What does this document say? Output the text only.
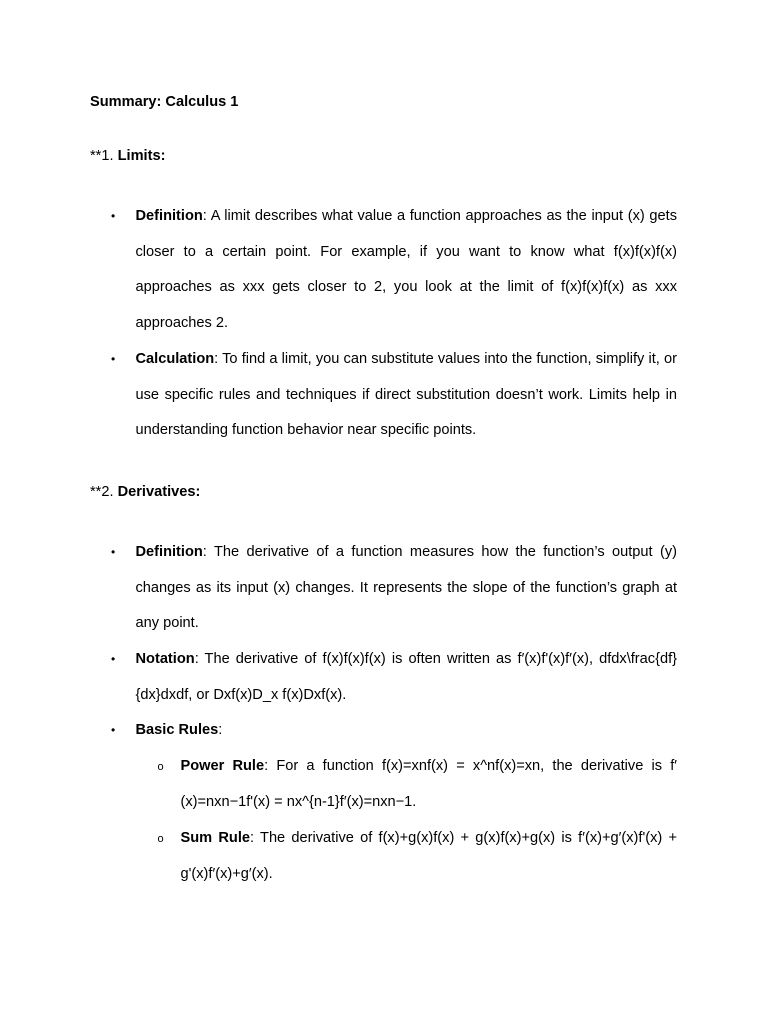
Summary: Calculus 1
**1. Limits:
• Definition: A limit describes what value a function approaches as the input (x) gets closer to a certain point. For example, if you want to know what f(x)f(x)f(x) approaches as xxx gets closer to 2, you look at the limit of f(x)f(x)f(x) as xxx approaches 2.
• Calculation: To find a limit, you can substitute values into the function, simplify it, or use specific rules and techniques if direct substitution doesn’t work. Limits help in understanding function behavior near specific points.
**2. Derivatives:
• Definition: The derivative of a function measures how the function’s output (y) changes as its input (x) changes. It represents the slope of the function’s graph at any point.
• Notation: The derivative of f(x)f(x)f(x) is often written as f′(x)f'(x)f′(x), dfdx\frac{df}{dx}dxdf, or Dxf(x)D_x f(x)Dxf(x).
• Basic Rules:
o Power Rule: For a function f(x)=xnf(x) = x^nf(x)=xn, the derivative is f′(x)=nxn−1f'(x) = nx^{n-1}f′(x)=nxn−1.
o Sum Rule: The derivative of f(x)+g(x)f(x) + g(x)f(x)+g(x) is f′(x)+g′(x)f'(x) + g'(x)f′(x)+g′(x).
